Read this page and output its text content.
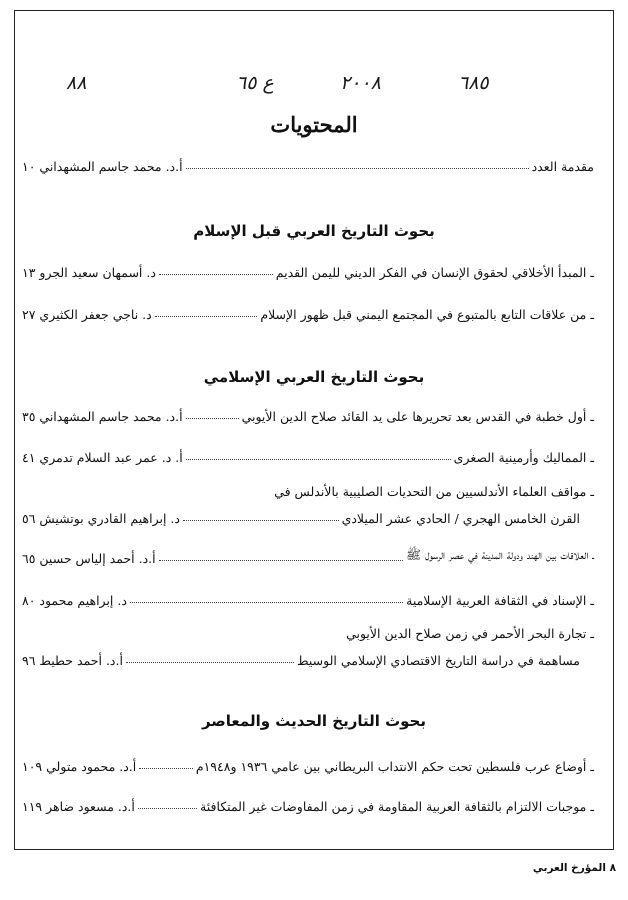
٦٨٥
٢٠٠٨
ع ٦٥
٨٨
المحتويات
مقدمة العدد
أ.د. محمد جاسم المشهداني ١٠
بحوث التاريخ العربي قبل الإسلام
ـ المبدأ الأخلاقي لحقوق الإنسان في الفكر الديني لليمن القديم
د. أسمهان سعيد الجرو ١٣
ـ من علاقات التابع بالمتبوع في المجتمع اليمني قبل ظهور الإسلام
د. ناجي جعفر الكثيري ٢٧
بحوث التاريخ العربي الإسلامي
ـ أول خطبة في القدس بعد تحريرها على يد القائد صلاح الدين الأيوبي
أ.د. محمد جاسم المشهداني ٣٥
ـ المماليك وأرمينية الصغرى
أ. د. عمر عبد السلام تدمري ٤١
ـ مواقف العلماء الأندلسيين من التحديات الصليبية بالأندلس في
القرن الخامس الهجري / الحادي عشر الميلادي
د. إبراهيم القادري بوتشيش ٥٦
ـ العلاقات بين الهند ودولة المدينة في عصر الرسول ﷺ
أ.د. أحمد إلياس حسين ٦٥
ـ الإسناد في الثقافة العربية الإسلامية
د. إبراهيم محمود ٨٠
ـ تجارة البحر الأحمر في زمن صلاح الدين الأيوبي
مساهمة في دراسة التاريخ الاقتصادي الإسلامي الوسيط
أ.د. أحمد حطيط ٩٦
بحوث التاريخ الحديث والمعاصر
ـ أوضاع عرب فلسطين تحت حكم الانتداب البريطاني بين عامي ١٩٣٦ و١٩٤٨م
أ.د. محمود متولي ١٠٩
ـ موجبات الالتزام بالثقافة العربية المقاومة في زمن المفاوضات غير المتكافئة
أ.د. مسعود ضاهر ١١٩
٨ المؤرخ العربي
